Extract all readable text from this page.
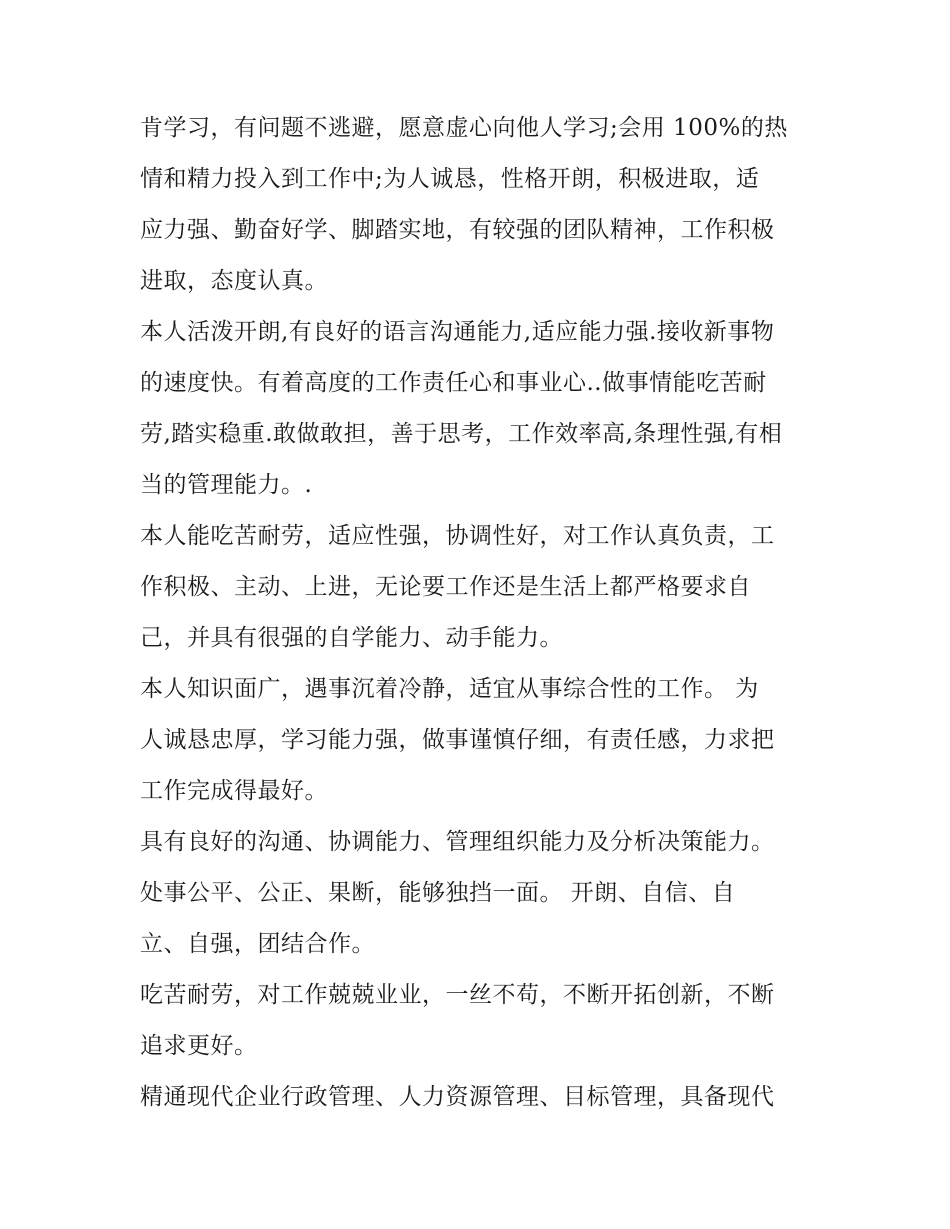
肯学习，有问题不逃避，愿意虚心向他人学习;会用 100%的热
情和精力投入到工作中;为人诚恳，性格开朗，积极进取，适
应力强、勤奋好学、脚踏实地，有较强的团队精神，工作积极
进取，态度认真。
本人活泼开朗,有良好的语言沟通能力,适应能力强.接收新事物
的速度快。有着高度的工作责任心和事业心..做事情能吃苦耐
劳,踏实稳重.敢做敢担，善于思考，工作效率高,条理性强,有相
当的管理能力。.
本人能吃苦耐劳，适应性强，协调性好，对工作认真负责，工
作积极、主动、上进，无论要工作还是生活上都严格要求自
己，并具有很强的自学能力、动手能力。
本人知识面广，遇事沉着冷静，适宜从事综合性的工作。 为
人诚恳忠厚，学习能力强，做事谨慎仔细，有责任感，力求把
工作完成得最好。
具有良好的沟通、协调能力、管理组织能力及分析决策能力。
处事公平、公正、果断，能够独挡一面。 开朗、自信、自
立、自强，团结合作。
吃苦耐劳，对工作兢兢业业，一丝不苟，不断开拓创新，不断
追求更好。
精通现代企业行政管理、人力资源管理、目标管理，具备现代
